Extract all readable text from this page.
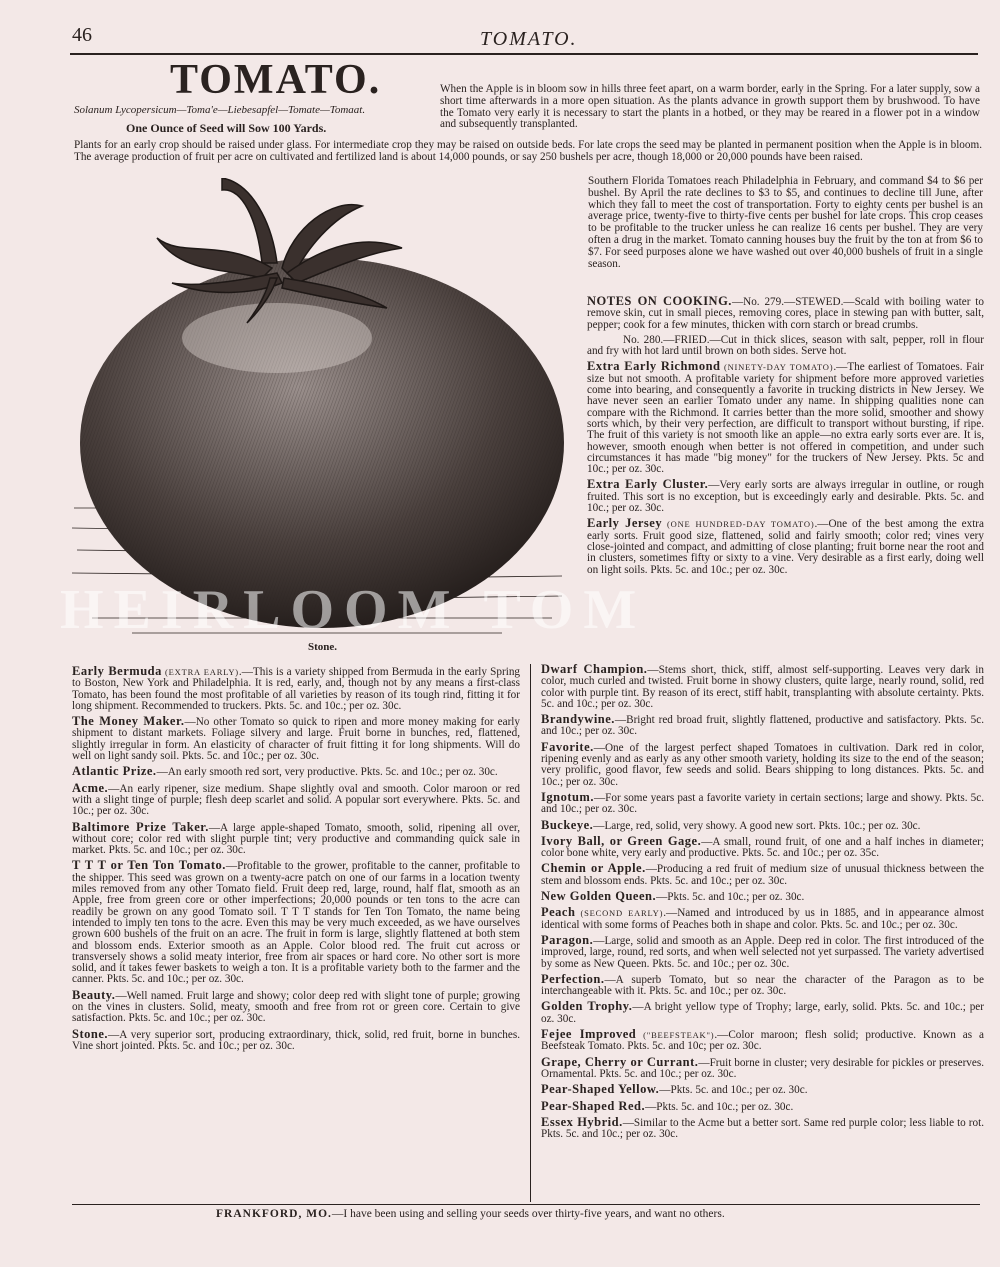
46	TOMATO.
TOMATO.
Solanum Lycopersicum—Toma'e—Liebesapfel—Tomate—Tomaat.
One Ounce of Seed will Sow 100 Yards.

When the Apple is in bloom sow in hills three feet apart, on a warm border, early in the Spring. For a later supply, sow a short time afterwards in a more open situation. As the plants advance in growth support them by brushwood. To have the Tomato very early it is necessary to start the plants in a hotbed, or they may be reared in a flower pot in a window and subsequently transplanted.

Plants for an early crop should be raised under glass. For intermediate crop they may be raised on outside beds. For late crops the seed may be planted in permanent position when the Apple is in bloom. The average production of fruit per acre on cultivated and fertilized land is about 14,000 pounds, or say 250 bushels per acre, though 18,000 or 20,000 pounds have been raised.

HEIRLOOM TOM
Stone.

Southern Florida Tomatoes reach Philadelphia in February, and command $4 to $6 per bushel. By April the rate declines to $3 to $5, and continues to decline till June, after which they fall to meet the cost of transportation. Forty to eighty cents per bushel is an average price, twenty-five to thirty-five cents per bushel for late crops. This crop ceases to be profitable to the trucker unless he can realize 16 cents per bushel. They are very often a drug in the market. Tomato canning houses buy the fruit by the ton at from $6 to $7. For seed purposes alone we have washed out over 40,000 bushels of fruit in a single season.

NOTES ON COOKING.—No. 279.—STEWED.—Scald with boiling water to remove skin, cut in small pieces, removing cores, place in stewing pan with butter, salt, pepper; cook for a few minutes, thicken with corn starch or bread crumbs.

No. 280.—FRIED.—Cut in thick slices, season with salt, pepper, roll in flour and fry with hot lard until brown on both sides. Serve hot.

Extra Early Richmond (NINETY-DAY TOMATO).—The earliest of Tomatoes. Fair size but not smooth. A profitable variety for shipment before more approved varieties come into bearing, and consequently a favorite in trucking districts in New Jersey. We have never seen an earlier Tomato under any name. In shipping qualities none can compare with the Richmond. It carries better than the more solid, smoother and showy sorts which, by their very perfection, are difficult to transport without bursting, if ripe. The fruit of this variety is not smooth like an apple—no extra early sorts ever are. It is, however, smooth enough when better is not offered in competition, and under such circumstances it has made "big money" for the truckers of New Jersey. Pkts. 5c and 10c.; per oz. 30c.

Extra Early Cluster.—Very early sorts are always irregular in outline, or rough fruited. This sort is no exception, but is exceedingly early and desirable. Pkts. 5c. and 10c.; per oz. 30c.

Early Jersey (ONE HUNDRED-DAY TOMATO).—One of the best among the extra early sorts. Fruit good size, flattened, solid and fairly smooth; color red; vines very close-jointed and compact, and admitting of close planting; fruit borne near the root and in clusters, sometimes fifty or sixty to a vine. Very desirable as a first early, doing well on light soils. Pkts. 5c. and 10c.; per oz. 30c.

Early Bermuda (EXTRA EARLY).—This is a variety shipped from Bermuda in the early Spring to Boston, New York and Philadelphia. It is red, early, and, though not by any means a first-class Tomato, has been found the most profitable of all varieties by reason of its tough rind, fitting it for long shipment. Recommended to truckers. Pkts. 5c. and 10c.; per oz. 30c.

The Money Maker.—No other Tomato so quick to ripen and more money making for early shipment to distant markets. Foliage silvery and large. Fruit borne in bunches, red, flattened, slightly irregular in form. An elasticity of character of fruit fitting it for long shipments. Will do well on light sandy soil. Pkts. 5c. and 10c.; per oz. 30c.

Atlantic Prize.—An early smooth red sort, very productive. Pkts. 5c. and 10c.; per oz. 30c.

Acme.—An early ripener, size medium. Shape slightly oval and smooth. Color maroon or red with a slight tinge of purple; flesh deep scarlet and solid. A popular sort everywhere. Pkts. 5c. and 10c.; per oz. 30c.

Baltimore Prize Taker.—A large apple-shaped Tomato, smooth, solid, ripening all over, without core; color red with slight purple tint; very productive and commanding quick sale in market. Pkts. 5c. and 10c.; per oz. 30c.

T T T or Ten Ton Tomato.—Profitable to the grower, profitable to the canner, profitable to the shipper. This seed was grown on a twenty-acre patch on one of our farms in a location twenty miles removed from any other Tomato field. Fruit deep red, large, round, half flat, smooth as an Apple, free from green core or other imperfections; 20,000 pounds or ten tons to the acre can readily be grown on any good Tomato soil. T T T stands for Ten Ton Tomato, the name being intended to imply ten tons to the acre. Even this may be very much exceeded, as we have ourselves grown 600 bushels of the fruit on an acre. The fruit in form is large, slightly flattened at both stem and blossom ends. Exterior smooth as an Apple. Color blood red. The fruit cut across or transversely shows a solid meaty interior, free from air spaces or hard core. No other sort is more solid, and it takes fewer baskets to weigh a ton. It is a profitable variety both to the farmer and the canner. Pkts. 5c. and 10c.; per oz. 30c.

Beauty.—Well named. Fruit large and showy; color deep red with slight tone of purple; growing on the vines in clusters. Solid, meaty, smooth and free from rot or green core. Certain to give satisfaction. Pkts. 5c. and 10c.; per oz. 30c.

Stone.—A very superior sort, producing extraordinary, thick, solid, red fruit, borne in bunches. Vine short jointed. Pkts. 5c. and 10c.; per oz. 30c.

Dwarf Champion.—Stems short, thick, stiff, almost self-supporting. Leaves very dark in color, much curled and twisted. Fruit borne in showy clusters, quite large, nearly round, solid, red color with purple tint. By reason of its erect, stiff habit, transplanting with absolute certainty. Pkts. 5c. and 10c.; per oz. 30c.

Brandywine.—Bright red broad fruit, slightly flattened, productive and satisfactory. Pkts. 5c. and 10c.; per oz. 30c.

Favorite.—One of the largest perfect shaped Tomatoes in cultivation. Dark red in color, ripening evenly and as early as any other smooth variety, holding its size to the end of the season; very prolific, good flavor, few seeds and solid. Bears shipping to long distances. Pkts. 5c. and 10c.; per oz. 30c.

Ignotum.—For some years past a favorite variety in certain sections; large and showy. Pkts. 5c. and 10c.; per oz. 30c.

Buckeye.—Large, red, solid, very showy. A good new sort. Pkts. 10c.; per oz. 30c.

Ivory Ball, or Green Gage.—A small, round fruit, of one and a half inches in diameter; color bone white, very early and productive. Pkts. 5c. and 10c.; per oz. 35c.

Chemin or Apple.—Producing a red fruit of medium size of unusual thickness between the stem and blossom ends. Pkts. 5c. and 10c.; per oz. 30c.

New Golden Queen.—Pkts. 5c. and 10c.; per oz. 30c.

Peach (SECOND EARLY).—Named and introduced by us in 1885, and in appearance almost identical with some forms of Peaches both in shape and color. Pkts. 5c. and 10c.; per oz. 30c.

Paragon.—Large, solid and smooth as an Apple. Deep red in color. The first introduced of the improved, large, round, red sorts, and when well selected not yet surpassed. The variety advertised by some as New Queen. Pkts. 5c. and 10c.; per oz. 30c.

Perfection.—A superb Tomato, but so near the character of the Paragon as to be interchangeable with it. Pkts. 5c. and 10c.; per oz. 30c.

Golden Trophy.—A bright yellow type of Trophy; large, early, solid. Pkts. 5c. and 10c.; per oz. 30c.

Fejee Improved ("BEEFSTEAK").—Color maroon; flesh solid; productive. Known as a Beefsteak Tomato. Pkts. 5c. and 10c; per oz. 30c.

Grape, Cherry or Currant.—Fruit borne in cluster; very desirable for pickles or preserves. Ornamental. Pkts. 5c. and 10c.; per oz. 30c.

Pear-Shaped Yellow.—Pkts. 5c. and 10c.; per oz. 30c.

Pear-Shaped Red.—Pkts. 5c. and 10c.; per oz. 30c.

Essex Hybrid.—Similar to the Acme but a better sort. Same red purple color; less liable to rot. Pkts. 5c. and 10c.; per oz. 30c.

FRANKFORD, MO.—I have been using and selling your seeds over thirty-five years, and want no others.
